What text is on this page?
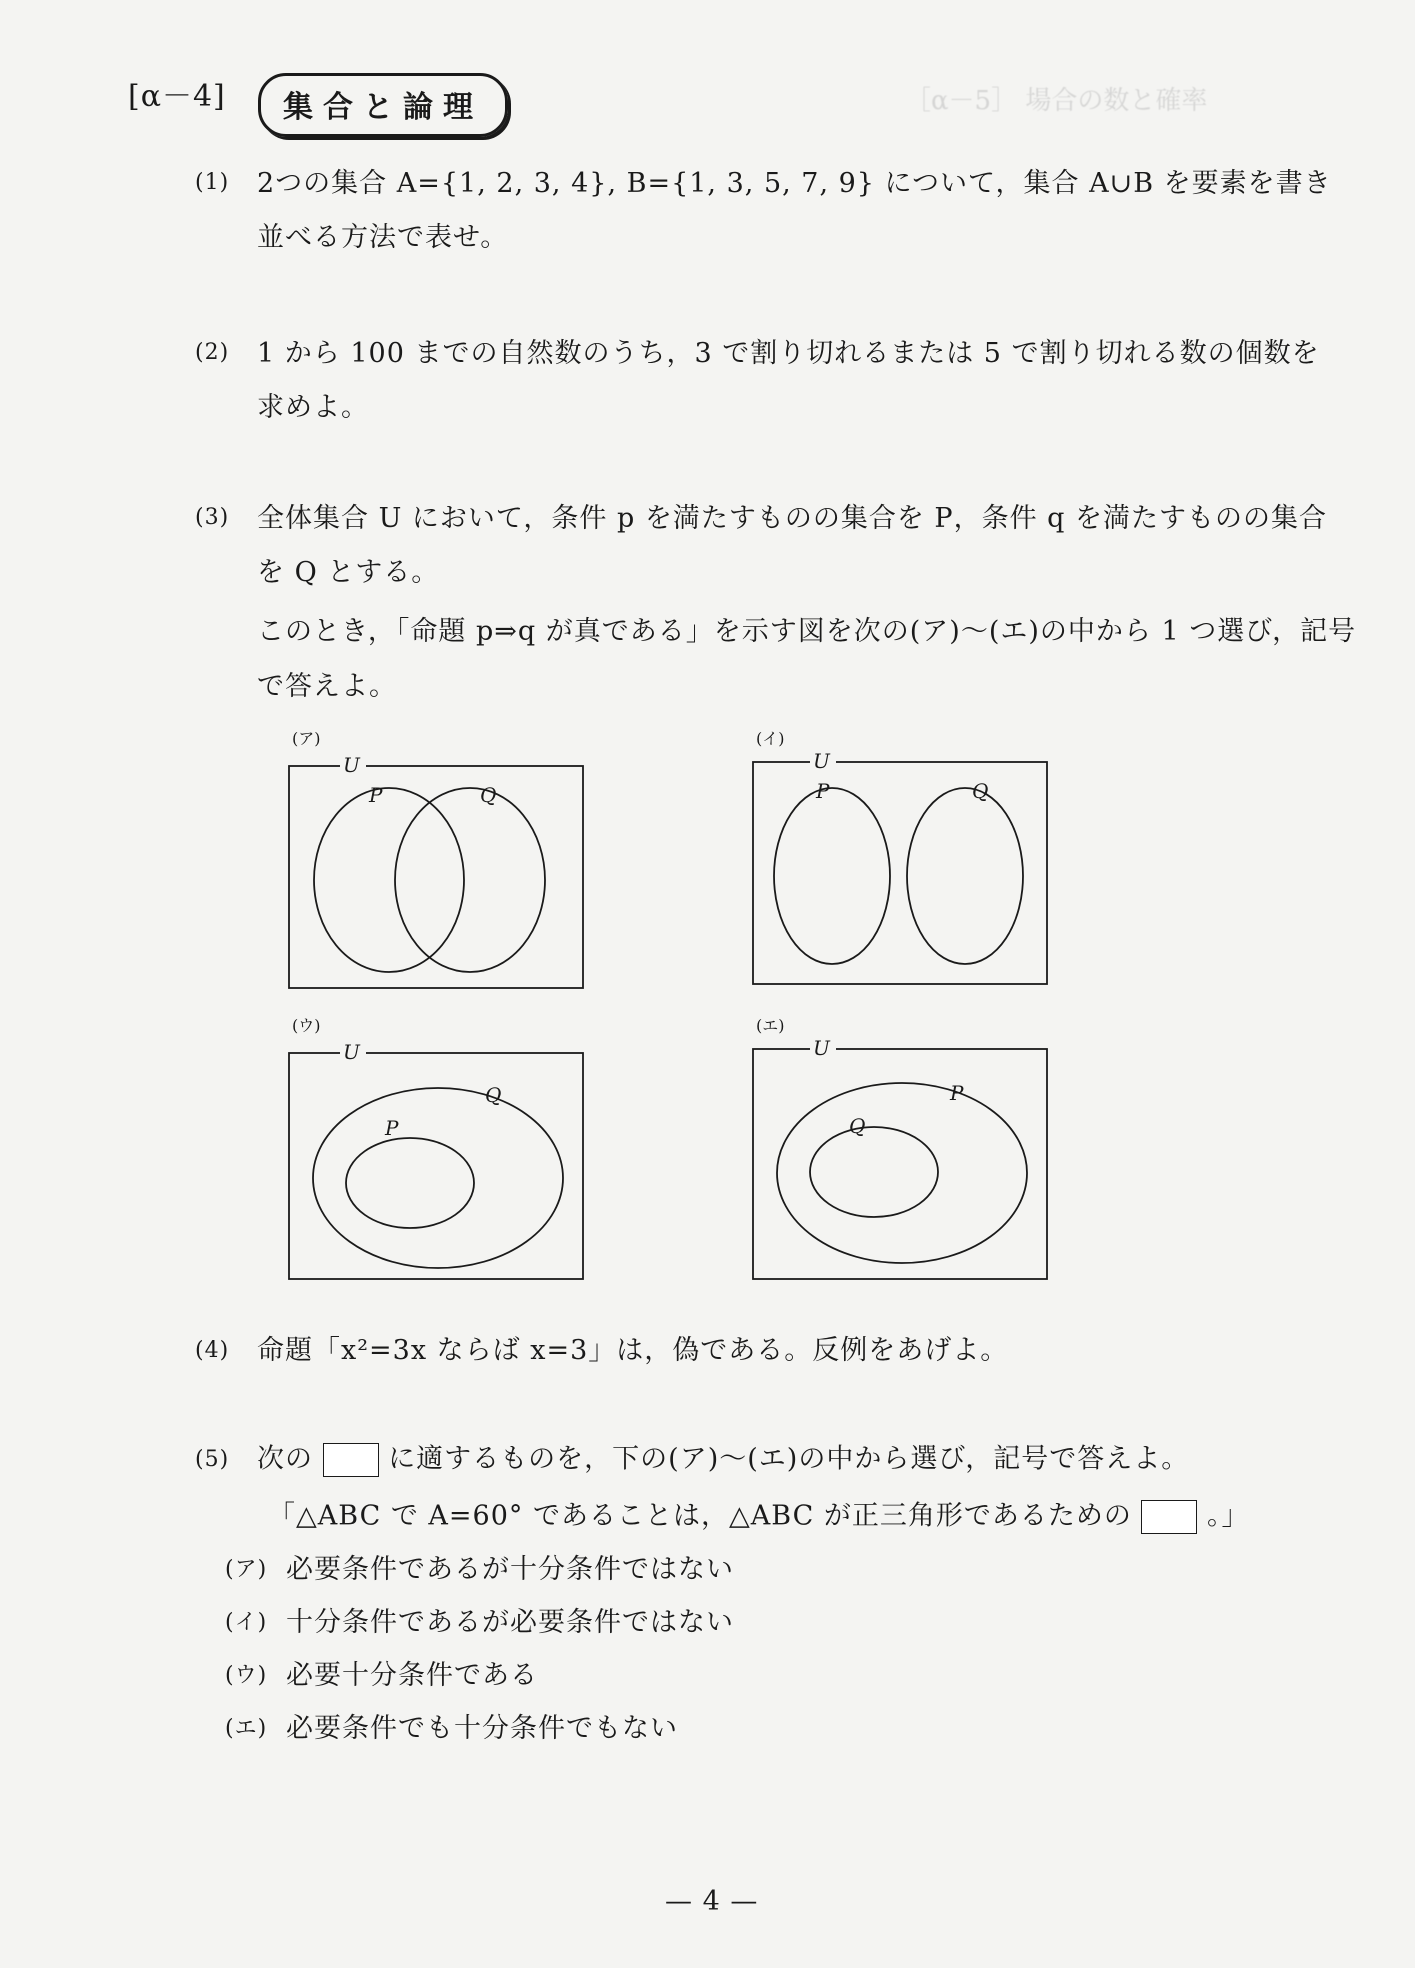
［α－5］ 場合の数と確率
[α－4]	集合と論理
(1) 2つの集合 A={1, 2, 3, 4}, B={1, 3, 5, 7, 9} について，集合 A∪B を要素を書き
並べる方法で表せ。
(2) 1 から 100 までの自然数のうち，3 で割り切れるまたは 5 で割り切れる数の個数を
求めよ。
(3) 全体集合 U において，条件 p を満たすものの集合を P，条件 q を満たすものの集合
を Q とする。
このとき，「命題 p⇒q が真である」を示す図を次の(ア)～(エ)の中から 1 つ選び，記号
で答えよ。
(ア)
U
P	Q
(イ)
U
P	Q
(ウ)
U
P
Q
(エ)
U
Q
P
(4) 命題「x²=3x ならば x=3」は，偽である。反例をあげよ。
(5) 次の	に適するものを，下の(ア)～(エ)の中から選び，記号で答えよ。
「△ABC で A=60° であることは，△ABC が正三角形であるための	。」
(ア) 必要条件であるが十分条件ではない
(イ) 十分条件であるが必要条件ではない
(ウ) 必要十分条件である
(エ) 必要条件でも十分条件でもない
— 4 —
